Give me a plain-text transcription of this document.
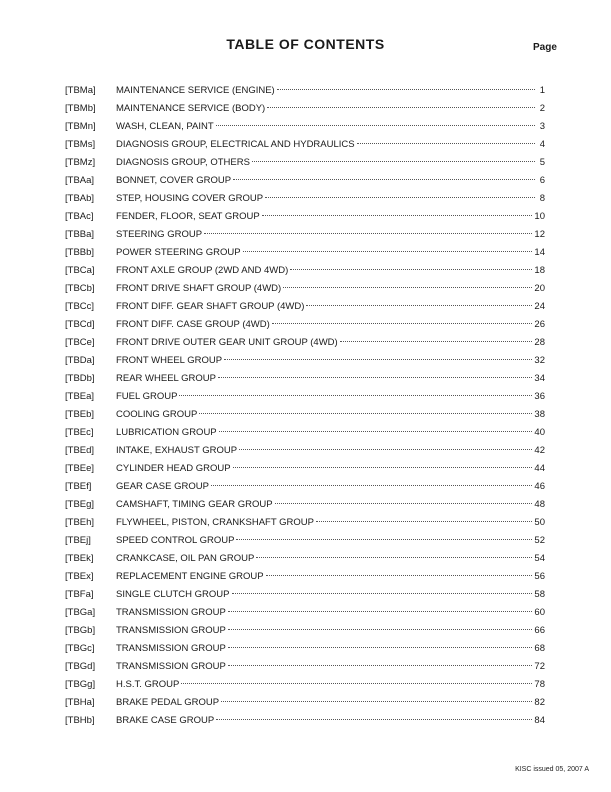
TABLE OF CONTENTS	Page
[TBMa]	MAINTENANCE SERVICE (ENGINE)	1
[TBMb]	MAINTENANCE SERVICE (BODY)	2
[TBMn]	WASH, CLEAN, PAINT	3
[TBMs]	DIAGNOSIS GROUP, ELECTRICAL AND HYDRAULICS	4
[TBMz]	DIAGNOSIS GROUP, OTHERS	5
[TBAa]	BONNET, COVER GROUP	6
[TBAb]	STEP, HOUSING COVER GROUP	8
[TBAc]	FENDER, FLOOR, SEAT GROUP	10
[TBBa]	STEERING GROUP	12
[TBBb]	POWER STEERING GROUP	14
[TBCa]	FRONT AXLE GROUP (2WD AND 4WD)	18
[TBCb]	FRONT DRIVE SHAFT GROUP (4WD)	20
[TBCc]	FRONT DIFF. GEAR SHAFT GROUP (4WD)	24
[TBCd]	FRONT DIFF. CASE GROUP (4WD)	26
[TBCe]	FRONT DRIVE OUTER GEAR UNIT GROUP (4WD)	28
[TBDa]	FRONT WHEEL GROUP	32
[TBDb]	REAR WHEEL GROUP	34
[TBEa]	FUEL GROUP	36
[TBEb]	COOLING GROUP	38
[TBEc]	LUBRICATION GROUP	40
[TBEd]	INTAKE, EXHAUST GROUP	42
[TBEe]	CYLINDER HEAD GROUP	44
[TBEf]	GEAR CASE GROUP	46
[TBEg]	CAMSHAFT, TIMING GEAR GROUP	48
[TBEh]	FLYWHEEL, PISTON, CRANKSHAFT GROUP	50
[TBEj]	SPEED CONTROL GROUP	52
[TBEk]	CRANKCASE, OIL PAN GROUP	54
[TBEx]	REPLACEMENT ENGINE GROUP	56
[TBFa]	SINGLE CLUTCH GROUP	58
[TBGa]	TRANSMISSION GROUP	60
[TBGb]	TRANSMISSION GROUP	66
[TBGc]	TRANSMISSION GROUP	68
[TBGd]	TRANSMISSION GROUP	72
[TBGg]	H.S.T. GROUP	78
[TBHa]	BRAKE PEDAL GROUP	82
[TBHb]	BRAKE CASE GROUP	84
KISC issued 05, 2007 A
